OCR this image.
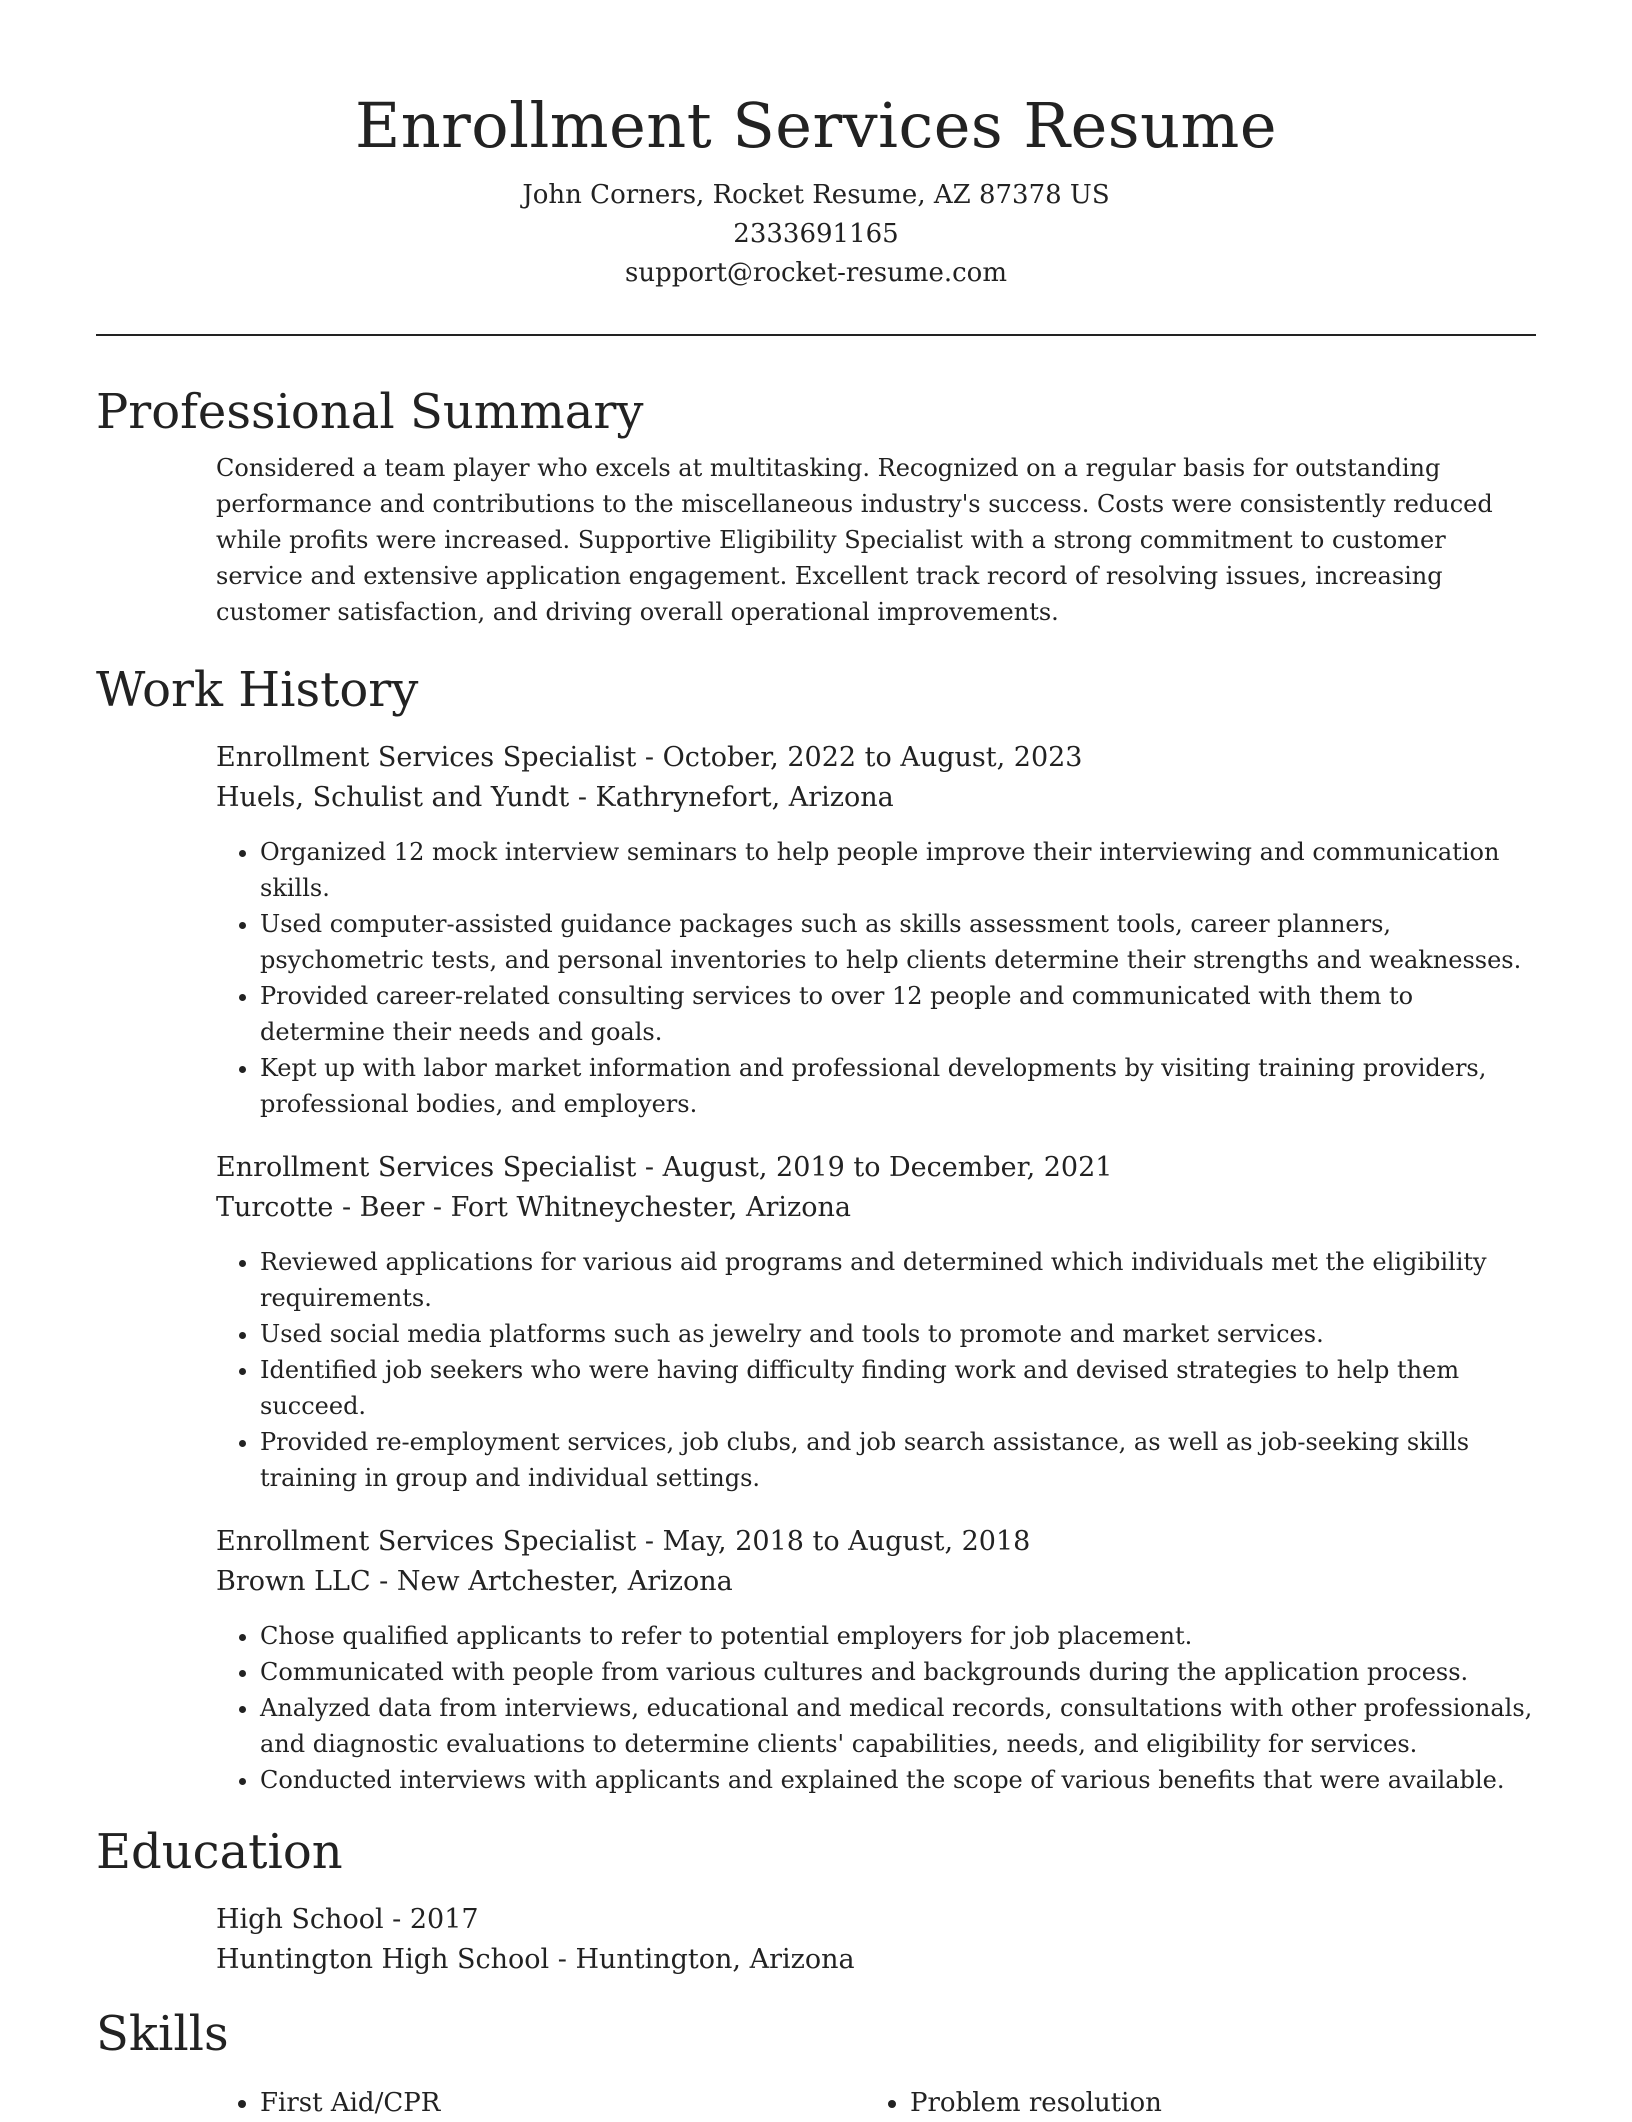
Enrollment Services Resume

John Corners, Rocket Resume, AZ 87378 US

2333691165

support@rocket-resume.com

Professional Summary

Considered a team player who excels at multitasking. Recognized on a regular basis for outstanding performance and contributions to the miscellaneous industry's success. Costs were consistently reduced while profits were increased. Supportive Eligibility Specialist with a strong commitment to customer service and extensive application engagement. Excellent track record of resolving issues, increasing customer satisfaction, and driving overall operational improvements.

Work History

Enrollment Services Specialist - October, 2022 to August, 2023

Huels, Schulist and Yundt - Kathrynefort, Arizona

• Organized 12 mock interview seminars to help people improve their interviewing and communication skills.
• Used computer-assisted guidance packages such as skills assessment tools, career planners, psychometric tests, and personal inventories to help clients determine their strengths and weaknesses.
• Provided career-related consulting services to over 12 people and communicated with them to determine their needs and goals.
• Kept up with labor market information and professional developments by visiting training providers, professional bodies, and employers.

Enrollment Services Specialist - August, 2019 to December, 2021

Turcotte - Beer - Fort Whitneychester, Arizona

• Reviewed applications for various aid programs and determined which individuals met the eligibility requirements.
• Used social media platforms such as jewelry and tools to promote and market services.
• Identified job seekers who were having difficulty finding work and devised strategies to help them succeed.
• Provided re-employment services, job clubs, and job search assistance, as well as job-seeking skills training in group and individual settings.

Enrollment Services Specialist - May, 2018 to August, 2018

Brown LLC - New Artchester, Arizona

• Chose qualified applicants to refer to potential employers for job placement.
• Communicated with people from various cultures and backgrounds during the application process.
• Analyzed data from interviews, educational and medical records, consultations with other professionals, and diagnostic evaluations to determine clients' capabilities, needs, and eligibility for services.
• Conducted interviews with applicants and explained the scope of various benefits that were available.
Education

High School - 2017

Huntington High School - Huntington, Arizona

Skills
• First Aid/CPR
•	Problem resolution
